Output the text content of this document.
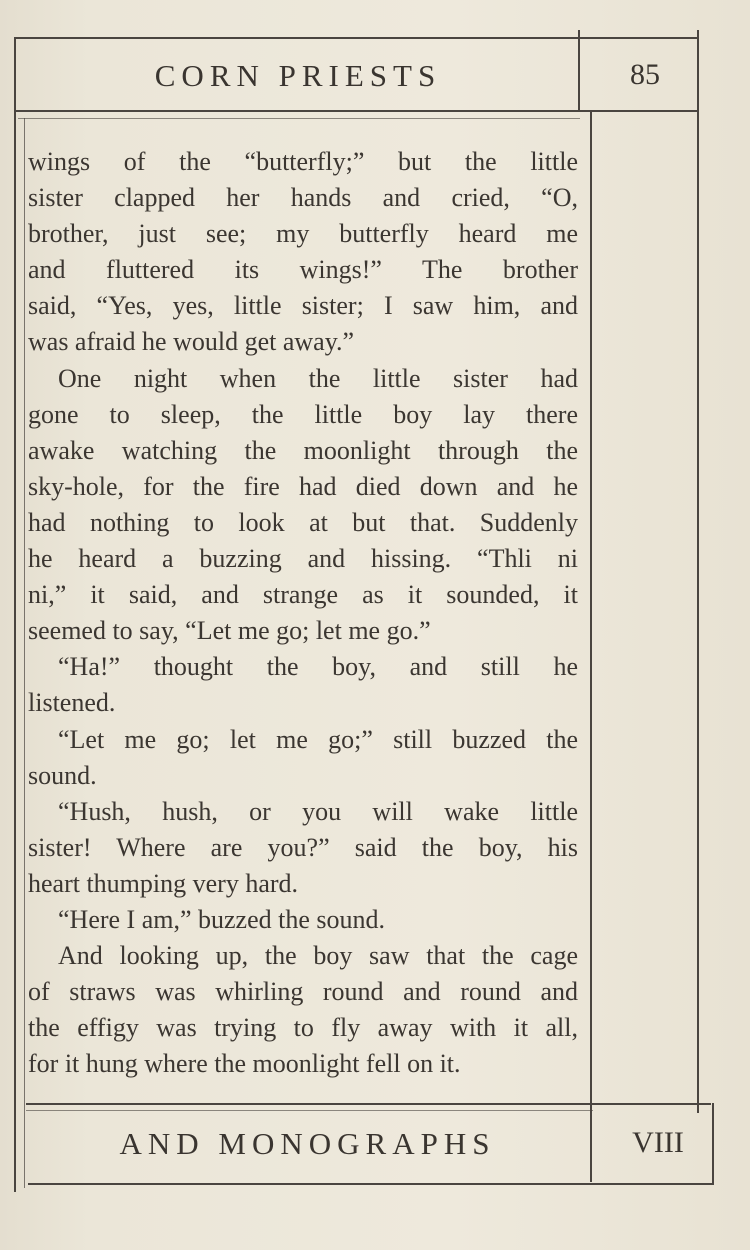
CORN PRIESTS	85
wings of the “butterfly;” but the little
sister clapped her hands and cried, “O,
brother, just see; my butterfly heard me
and fluttered its wings!” The brother
said, “Yes, yes, little sister; I saw him, and
was afraid he would get away.”
One night when the little sister had
gone to sleep, the little boy lay there
awake watching the moonlight through the
sky-hole, for the fire had died down and he
had nothing to look at but that. Suddenly
he heard a buzzing and hissing. “Thli ni
ni,” it said, and strange as it sounded, it
seemed to say, “Let me go; let me go.”
“Ha!” thought the boy, and still he
listened.
“Let me go; let me go;” still buzzed the
sound.
“Hush, hush, or you will wake little
sister! Where are you?” said the boy, his
heart thumping very hard.
“Here I am,” buzzed the sound.
And looking up, the boy saw that the cage
of straws was whirling round and round and
the effigy was trying to fly away with it all,
for it hung where the moonlight fell on it.
AND MONOGRAPHS	VIII
